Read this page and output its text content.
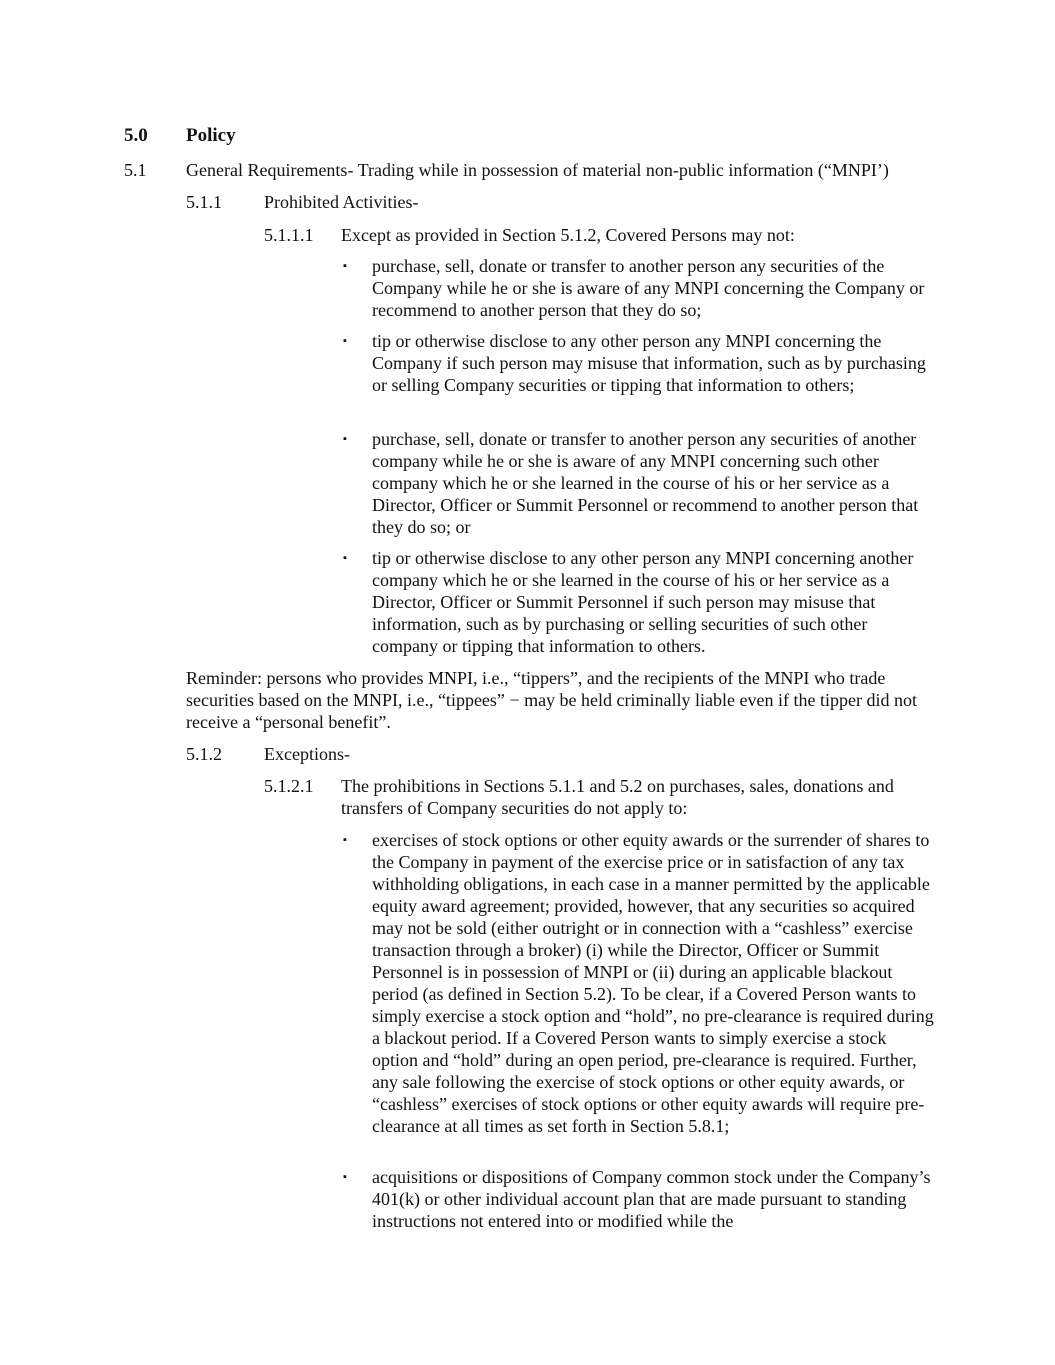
5.0 Policy
5.1 General Requirements- Trading while in possession of material non-public information (“MNPI’)
5.1.1 Prohibited Activities-
5.1.1.1 Except as provided in Section 5.1.2, Covered Persons may not:
▪ purchase, sell, donate or transfer to another person any securities of the Company while he or she is aware of any MNPI concerning the Company or recommend to another person that they do so;
▪ tip or otherwise disclose to any other person any MNPI concerning the Company if such person may misuse that information, such as by purchasing or selling Company securities or tipping that information to others;
▪ purchase, sell, donate or transfer to another person any securities of another company while he or she is aware of any MNPI concerning such other company which he or she learned in the course of his or her service as a Director, Officer or Summit Personnel or recommend to another person that they do so; or
▪ tip or otherwise disclose to any other person any MNPI concerning another company which he or she learned in the course of his or her service as a Director, Officer or Summit Personnel if such person may misuse that information, such as by purchasing or selling securities of such other company or tipping that information to others.
Reminder: persons who provides MNPI, i.e., “tippers”, and the recipients of the MNPI who trade securities based on the MNPI, i.e., “tippees” − may be held criminally liable even if the tipper did not receive a “personal benefit”.
5.1.2 Exceptions-
5.1.2.1 The prohibitions in Sections 5.1.1 and 5.2 on purchases, sales, donations and transfers of Company securities do not apply to:
▪ exercises of stock options or other equity awards or the surrender of shares to the Company in payment of the exercise price or in satisfaction of any tax withholding obligations, in each case in a manner permitted by the applicable equity award agreement; provided, however, that any securities so acquired may not be sold (either outright or in connection with a “cashless” exercise transaction through a broker) (i) while the Director, Officer or Summit Personnel is in possession of MNPI or (ii) during an applicable blackout period (as defined in Section 5.2). To be clear, if a Covered Person wants to simply exercise a stock option and “hold”, no pre-clearance is required during a blackout period. If a Covered Person wants to simply exercise a stock option and “hold” during an open period, pre-clearance is required. Further, any sale following the exercise of stock options or other equity awards, or “cashless” exercises of stock options or other equity awards will require pre-clearance at all times as set forth in Section 5.8.1;
▪ acquisitions or dispositions of Company common stock under the Company’s 401(k) or other individual account plan that are made pursuant to standing instructions not entered into or modified while the
